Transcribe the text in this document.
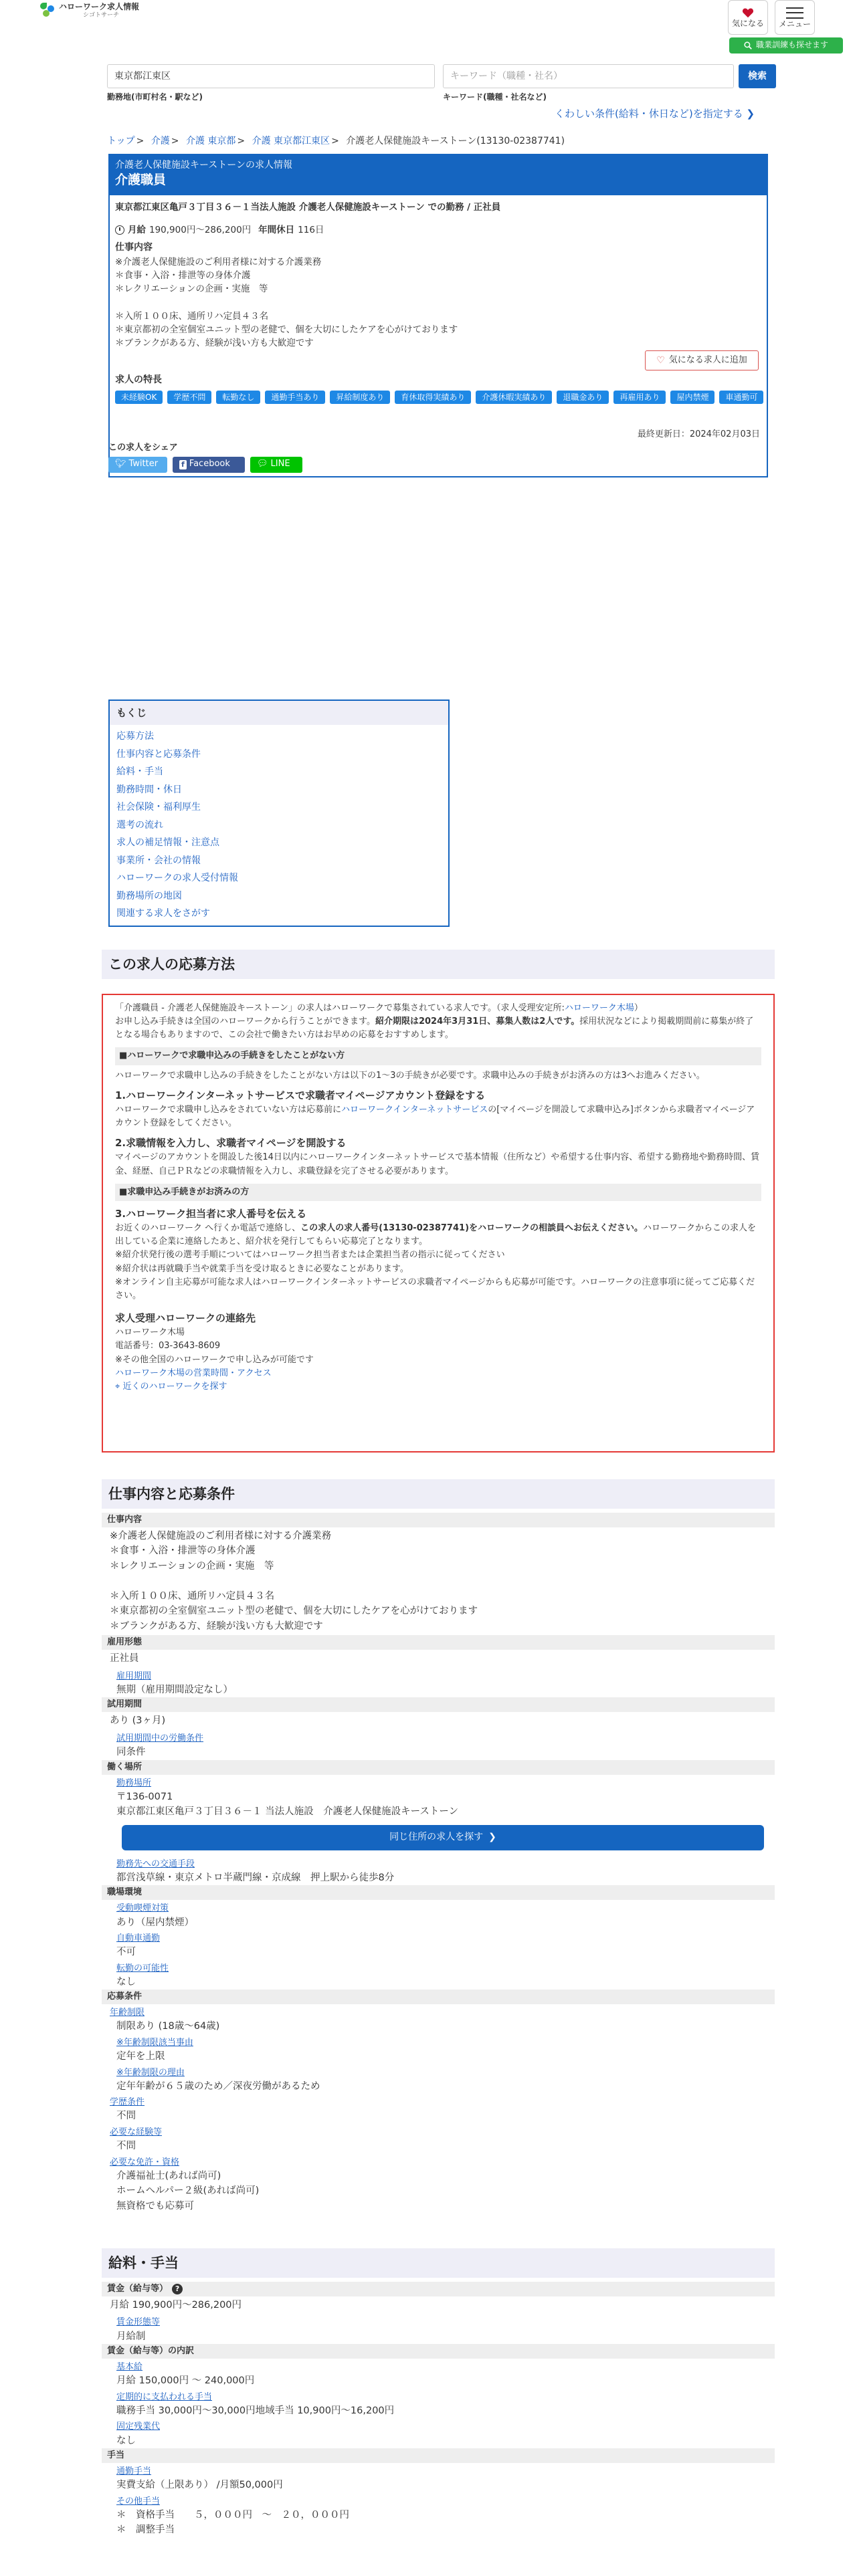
ハローワーク求人情報
シゴトサーチ
気になる メニュー
職業訓練も探せます
東京都江東区	キーワード（職種・社名）	検索
勤務地(市町村名・駅など)	キーワード(職種・社名など)
くわしい条件(給料・休日など)を指定する ❯
トップ > 介護 > 介護 東京都 > 介護 東京都江東区 > 介護老人保健施設キーストーン(13130-02387741)
介護老人保健施設キーストーンの求人情報
介護職員
東京都江東区亀戸３丁目３６－１当法人施設 介護老人保健施設キーストーン での勤務 / 正社員
月給 190,900円〜286,200円 年間休日 116日
仕事内容
※介護老人保健施設のご利用者様に対する介護業務
＊食事・入浴・排泄等の身体介護
＊レクリエーションの企画・実施　等

＊入所１００床、通所リハ定員４３名
＊東京都初の全室個室ユニット型の老健で、個を大切にしたケアを心がけております
＊ブランクがある方、経験が浅い方も大歓迎です
求人の特長
未経験OK	学歴不問	転勤なし	通勤手当あり	昇給制度あり	育休取得実績あり	介護休暇実績あり	退職金あり	再雇用あり	屋内禁煙	車通勤可
♡ 気になる求人に追加
最終更新日：2024年02月03日
この求人をシェア
🐦︎ Twitter	f Facebook	💬︎ LINE
もくじ
応募方法
仕事内容と応募条件
給料・手当
勤務時間・休日
社会保険・福利厚生
選考の流れ
求人の補足情報・注意点
事業所・会社の情報
ハローワークの求人受付情報
勤務場所の地図
関連する求人をさがす
この求人の応募方法

「介護職員 - 介護老人保健施設キーストーン」の求人はハローワークで募集されている求人です。（求人受理安定所:ハローワーク木場）

お申し込み手続きは全国のハローワークから行うことができます。紹介期限は2024年3月31日、募集人数は2人です。採用状況などにより掲載期間前に募集が終了となる場合もありますので、この会社で働きたい方はお早めの応募をおすすめします。

■ハローワークで求職申込みの手続きをしたことがない方

ハローワークで求職申し込みの手続きをしたことがない方は以下の1〜3の手続きが必要です。求職申込みの手続きがお済みの方は3へお進みください。

1.ハローワークインターネットサービスで求職者マイページアカウント登録をする

ハローワークで求職申し込みをされていない方は応募前にハローワークインターネットサービスの[マイページを開設して求職申込み]ボタンから求職者マイページアカウント登録をしてください。

2.求職情報を入力し、求職者マイページを開設する

マイページのアカウントを開設した後14日以内にハローワークインターネットサービスで基本情報（住所など）や希望する仕事内容、希望する勤務地や勤務時間、賃金、経歴、自己ＰＲなどの求職情報を入力し、求職登録を完了させる必要があります。

■求職申込み手続きがお済みの方
3.ハローワーク担当者に求人番号を伝える

お近くのハローワーク へ行くか電話で連絡し、この求人の求人番号(13130-02387741)をハローワークの相談員へお伝えください。ハローワークからこの求人を出している企業に連絡したあと、紹介状を発行してもらい応募完了となります。

※紹介状発行後の選考手順についてはハローワーク担当者または企業担当者の指示に従ってください

※紹介状は再就職手当や就業手当を受け取るときに必要なことがあります。

※オンライン自主応募が可能な求人はハローワークインターネットサービスの求職者マイページからも応募が可能です。ハローワークの注意事項に従ってご応募ください。

求人受理ハローワークの連絡先

ハローワーク木場

電話番号：03-3643-8609

※その他全国のハローワークで申し込みが可能です

ハローワーク木場の営業時間・アクセス

⌖ 近くのハローワークを探す

仕事内容と応募条件
仕事内容
※介護老人保健施設のご利用者様に対する介護業務
＊食事・入浴・排泄等の身体介護
＊レクリエーションの企画・実施　等

＊入所１００床、通所リハ定員４３名
＊東京都初の全室個室ユニット型の老健で、個を大切にしたケアを心がけております
＊ブランクがある方、経験が浅い方も大歓迎です
雇用形態
正社員
雇用期間
無期（雇用期間設定なし）
試用期間
あり (3ヶ月)
試用期間中の労働条件
同条件
働く場所
勤務場所
〒136-0071
東京都江東区亀戸３丁目３６－１ 当法人施設　介護老人保健施設キーストーン
同じ住所の求人を探す ❯
勤務先への交通手段
都営浅草線・東京メトロ半蔵門線・京成線　押上駅から徒歩8分
職場環境
受動喫煙対策
あり（屋内禁煙）
自動車通勤
不可
転勤の可能性
なし
応募条件
年齢制限
制限あり (18歳〜64歳)
※年齢制限該当事由
定年を上限
※年齢制限の理由
定年年齢が６５歳のため／深夜労働があるため
学歴条件
不問
必要な経験等
不問
必要な免許・資格
介護福祉士(あれば尚可)
ホームヘルパー２級(あれば尚可)
無資格でも応募可
給料・手当
賃金（給与等） ?
月給 190,900円〜286,200円
賃金形態等
月給制
賃金（給与等）の内訳
基本給
月給 150,000円 〜 240,000円
定期的に支払われる手当
職務手当 30,000円〜30,000円地域手当 10,900円〜16,200円
固定残業代
なし
手当
通勤手当
実費支給（上限あり） /月額50,000円
その他手当
＊　資格手当　　５，０００円　〜　２０，０００円
＊　調整手当
